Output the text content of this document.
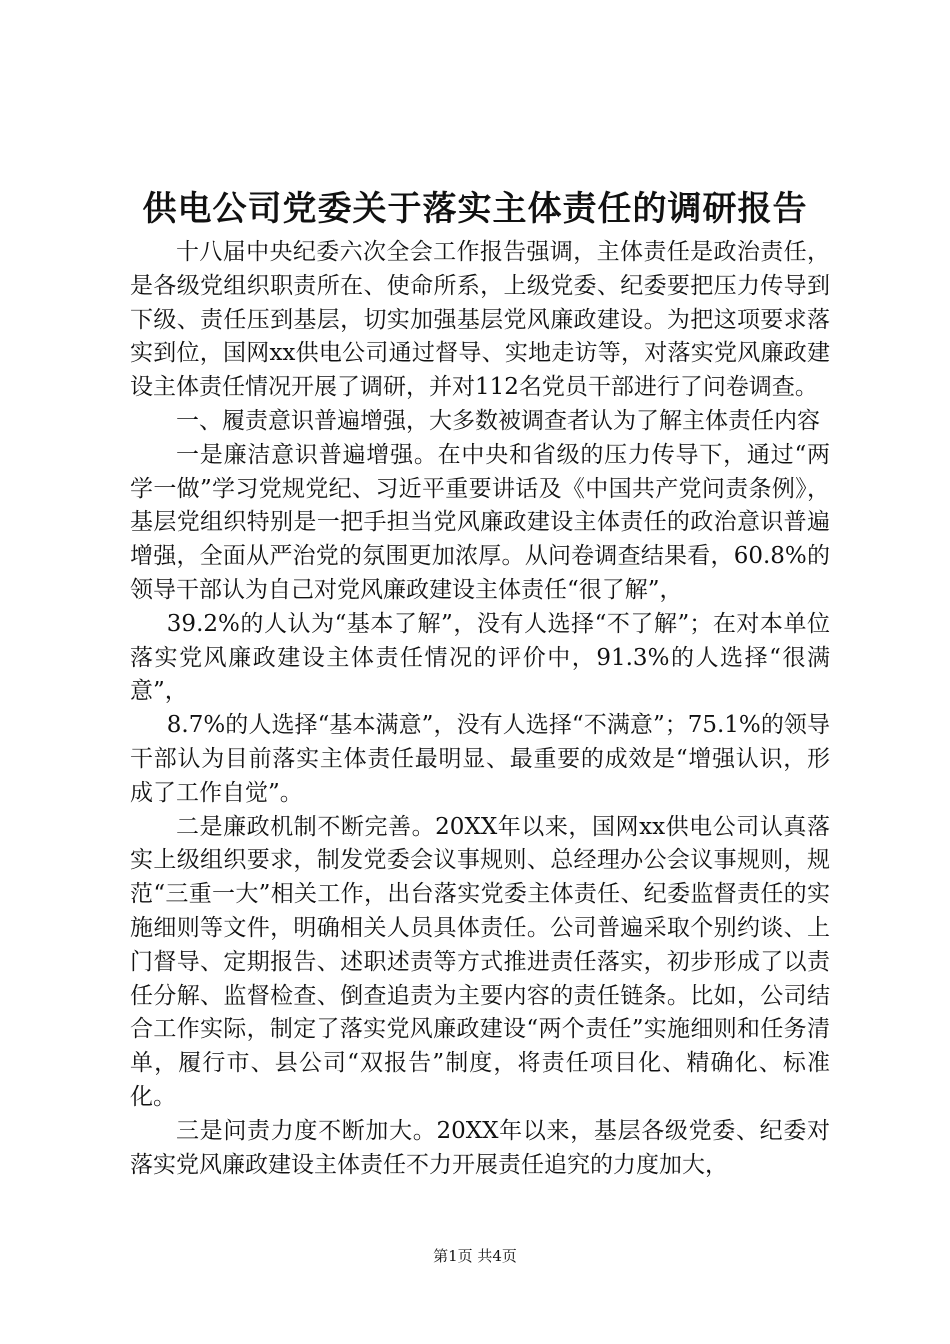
供电公司党委关于落实主体责任的调研报告

十八届中央纪委六次全会工作报告强调，主体责任是政治责任，是各级党组织职责所在、使命所系，上级党委、纪委要把压力传导到下级、责任压到基层，切实加强基层党风廉政建设。为把这项要求落实到位，国网xx供电公司通过督导、实地走访等，对落实党风廉政建设主体责任情况开展了调研，并对112名党员干部进行了问卷调查。

一、履责意识普遍增强，大多数被调查者认为了解主体责任内容

一是廉洁意识普遍增强。在中央和省级的压力传导下，通过“两学一做”学习党规党纪、习近平重要讲话及《中国共产党问责条例》，基层党组织特别是一把手担当党风廉政建设主体责任的政治意识普遍增强，全面从严治党的氛围更加浓厚。从问卷调查结果看，60.8%的领导干部认为自己对党风廉政建设主体责任“很了解”，

39.2%的人认为“基本了解”，没有人选择“不了解”；在对本单位落实党风廉政建设主体责任情况的评价中，91.3%的人选择“很满意”，

8.7%的人选择“基本满意”，没有人选择“不满意”；75.1%的领导干部认为目前落实主体责任最明显、最重要的成效是“增强认识，形成了工作自觉”。

二是廉政机制不断完善。20XX年以来，国网xx供电公司认真落实上级组织要求，制发党委会议事规则、总经理办公会议事规则，规范“三重一大”相关工作，出台落实党委主体责任、纪委监督责任的实施细则等文件，明确相关人员具体责任。公司普遍采取个别约谈、上门督导、定期报告、述职述责等方式推进责任落实，初步形成了以责任分解、监督检查、倒查追责为主要内容的责任链条。比如，公司结合工作实际，制定了落实党风廉政建设“两个责任”实施细则和任务清单，履行市、县公司“双报告”制度，将责任项目化、精确化、标准化。

三是问责力度不断加大。20XX年以来，基层各级党委、纪委对落实党风廉政建设主体责任不力开展责任追究的力度加大，

第1页 共4页
